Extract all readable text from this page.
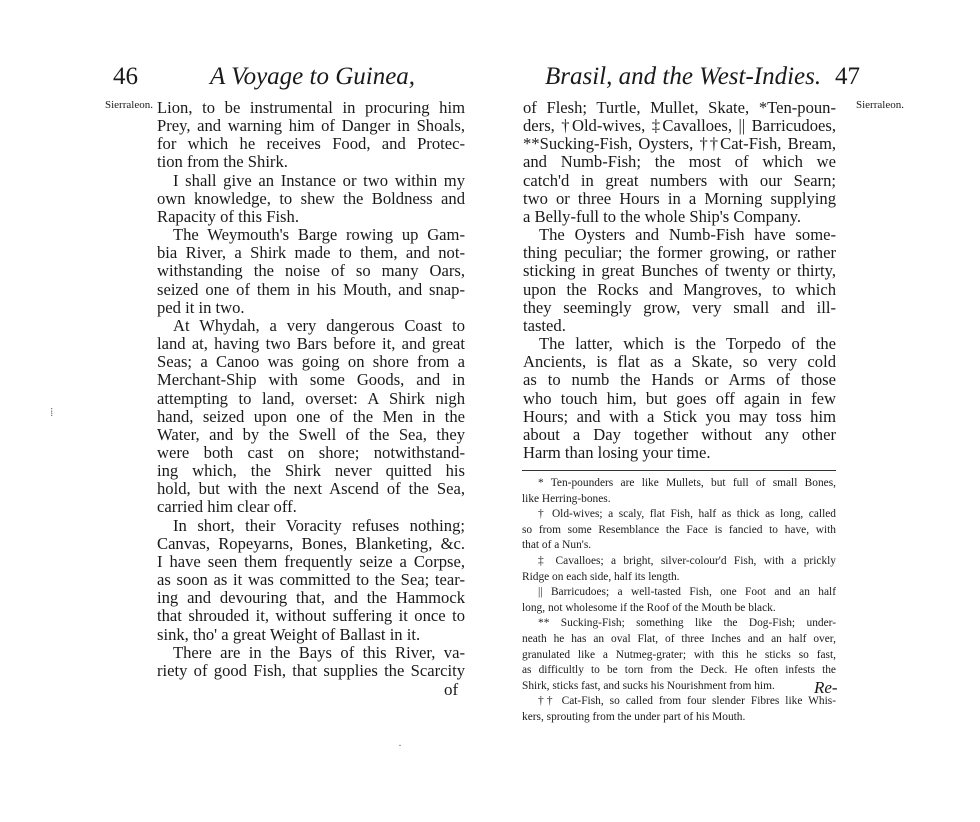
46	A Voyage to Guinea,
Sierraleon. Lion, to be instrumental in procuring him
Prey, and warning him of Danger in Shoals,
for which he receives Food, and Protec-
tion from the Shirk.
I shall give an Instance or two within my
own knowledge, to shew the Boldness and
Rapacity of this Fish.
The Weymouth's Barge rowing up Gam-
bia River, a Shirk made to them, and not-
withstanding the noise of so many Oars,
seized one of them in his Mouth, and snap-
ped it in two.
At Whydah, a very dangerous Coast to
land at, having two Bars before it, and great
Seas; a Canoo was going on shore from a
Merchant-Ship with some Goods, and in
attempting to land, overset: A Shirk nigh
hand, seized upon one of the Men in the
Water, and by the Swell of the Sea, they
were both cast on shore; notwithstand-
ing which, the Shirk never quitted his
hold, but with the next Ascend of the Sea,
carried him clear off.
In short, their Voracity refuses nothing;
Canvas, Ropeyarns, Bones, Blanketing, &c.
I have seen them frequently seize a Corpse,
as soon as it was committed to the Sea; tear-
ing and devouring that, and the Hammock
that shrouded it, without suffering it once to
sink, tho' a great Weight of Ballast in it.
There are in the Bays of this River, va-
riety of good Fish, that supplies the Scarcity
of
⁞
Brasil, and the West-Indies. 47
Sierraleon.
of Flesh; Turtle, Mullet, Skate, *Ten-poun-
ders, †Old-wives, ‡Cavalloes, || Barricudoes,
**Sucking-Fish, Oysters, ††Cat-Fish, Bream,
and Numb-Fish; the most of which we
catch'd in great numbers with our Searn;
two or three Hours in a Morning supplying
a Belly-full to the whole Ship's Company.
The Oysters and Numb-Fish have some-
thing peculiar; the former growing, or rather
sticking in great Bunches of twenty or thirty,
upon the Rocks and Mangroves, to which
they seemingly grow, very small and ill-
tasted.
The latter, which is the Torpedo of the
Ancients, is flat as a Skate, so very cold
as to numb the Hands or Arms of those
who touch him, but goes off again in few
Hours; and with a Stick you may toss him
about a Day together without any other
Harm than losing your time.
* Ten-pounders are like Mullets, but full of small Bones,
like Herring-bones.
† Old-wives; a scaly, flat Fish, half as thick as long, called
so from some Resemblance the Face is fancied to have, with
that of a Nun's.
‡ Cavalloes; a bright, silver-colour'd Fish, with a prickly
Ridge on each side, half its length.
|| Barricudoes; a well-tasted Fish, one Foot and an half
long, not wholesome if the Roof of the Mouth be black.
** Sucking-Fish; something like the Dog-Fish; under-
neath he has an oval Flat, of three Inches and an half over,
granulated like a Nutmeg-grater; with this he sticks so fast,
as difficultly to be torn from the Deck. He often infests the
Shirk, sticks fast, and sucks his Nourishment from him.
†† Cat-Fish, so called from four slender Fibres like Whis-
kers, sprouting from the under part of his Mouth.
Re-
·
